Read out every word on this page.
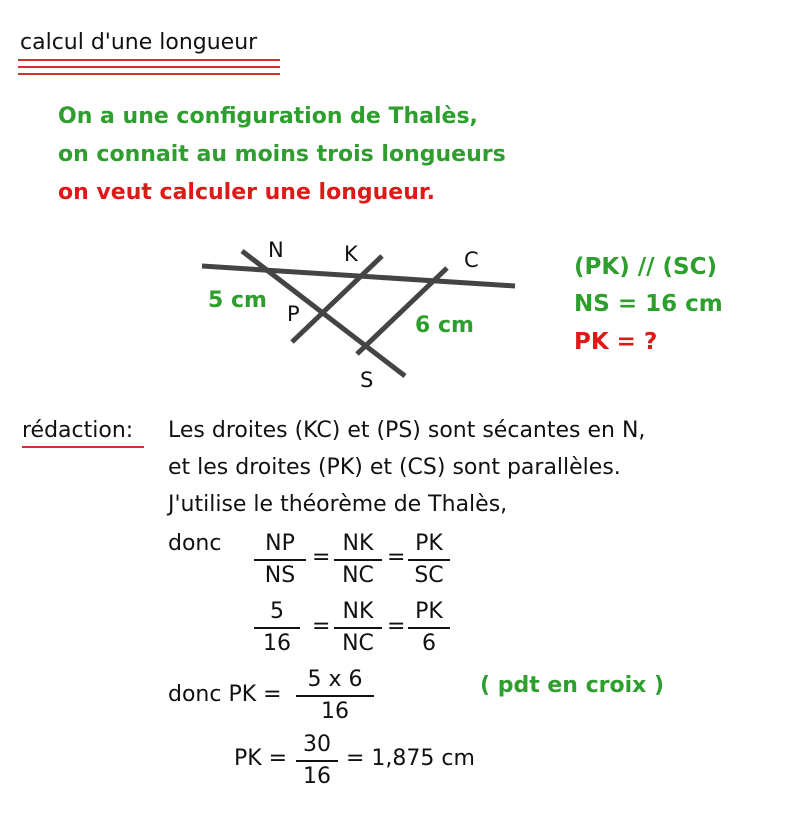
calcul d'une longueur
On a une configuration de Thalès,
on connait au moins trois longueurs
on veut calculer une longueur.
N	K	C
P
S
5 cm
6 cm
(PK) // (SC)
NS = 16 cm
PK = ?
rédaction: Les droites (KC) et (PS) sont sécantes en N,
et les droites (PK) et (CS) sont parallèles.
J'utilise le théorème de Thalès,
donc	NP
NS
=
NK
NC
=
PK
SC
5
16
=
NK
NC
=
PK
6
donc PK =
5 x 6
16
( pdt en croix )
PK =
30
16
= 1,875 cm
